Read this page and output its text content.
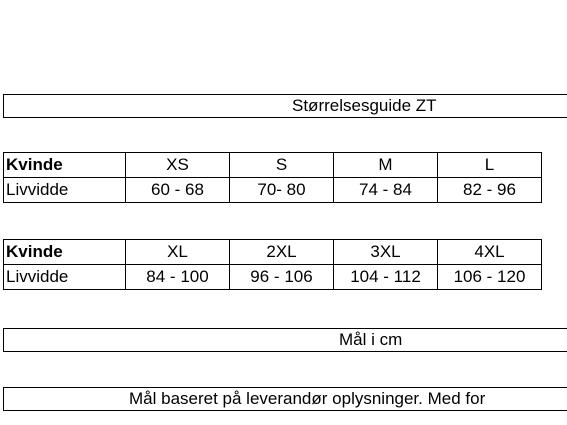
Størrelsesguide ZT
Kvinde	XS	S	M	L
Livvidde	60 - 68	70- 80	74 - 84	82 - 96
Kvinde	XL	2XL	3XL	4XL
Livvidde	84 - 100	96 - 106	104 - 112	106 - 120
Mål i cm
Mål baseret på leverandør oplysninger. Med for
